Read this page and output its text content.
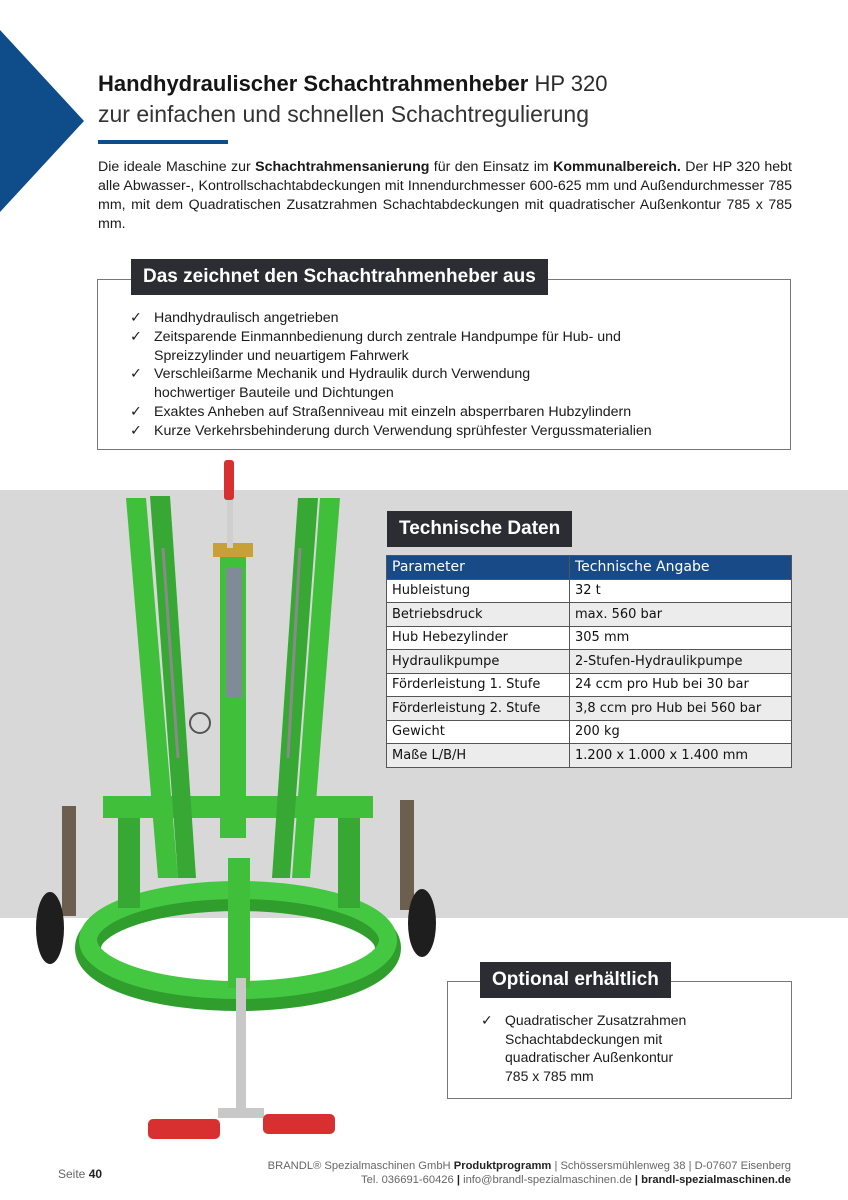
Handhydraulischer Schachtrahmenheber HP 320
zur einfachen und schnellen Schachtregulierung
Die ideale Maschine zur Schachtrahmensanierung für den Einsatz im Kommunalbereich. Der HP 320 hebt alle Abwasser-, Kontrollschachtabdeckungen mit Innendurchmesser 600-625 mm und Außendurchmesser 785 mm, mit dem Quadratischen Zusatzrahmen Schachtabdeckungen mit quadratischer Außenkontur 785 x 785 mm.
Das zeichnet den Schachtrahmenheber aus
✓ Handhydraulisch angetrieben
✓ Zeitsparende Einmannbedienung durch zentrale Handpumpe für Hub- und
Spreizzylinder und neuartigem Fahrwerk
✓ Verschleißarme Mechanik und Hydraulik durch Verwendung
hochwertiger Bauteile und Dichtungen
✓ Exaktes Anheben auf Straßenniveau mit einzeln absperrbaren Hubzylindern
✓ Kurze Verkehrsbehinderung durch Verwendung sprühfester Vergussmaterialien
Technische Daten
Parameter	Technische Angabe
Hubleistung	32 t
Betriebsdruck	max. 560 bar
Hub Hebezylinder	305 mm
Hydraulikpumpe	2-Stufen-Hydraulikpumpe
Förderleistung 1. Stufe	24 ccm pro Hub bei 30 bar
Förderleistung 2. Stufe	3,8 ccm pro Hub bei 560 bar
Gewicht	200 kg
Maße L/B/H	1.200 x 1.000 x 1.400 mm
Optional erhältlich
✓ Quadratischer Zusatzrahmen
Schachtabdeckungen mit
quadratischer Außenkontur
785 x 785 mm
Seite 40
BRANDL® Spezialmaschinen GmbH Produktprogramm | Schössersmühlenweg 38 | D-07607 Eisenberg
Tel. 036691-60426 | info@brandl-spezialmaschinen.de | brandl-spezialmaschinen.de
